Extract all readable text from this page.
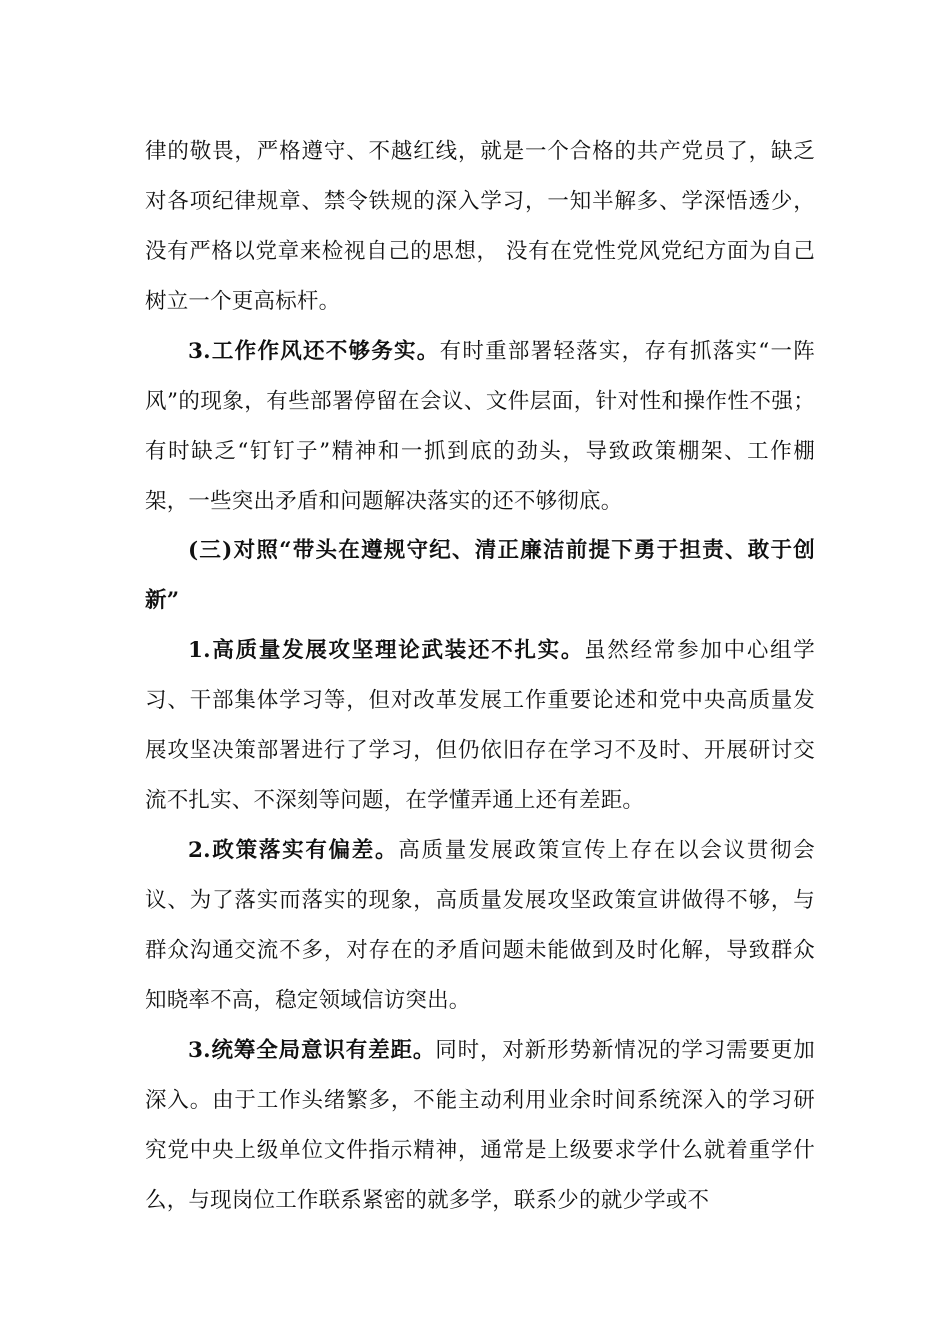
律的敬畏，严格遵守、不越红线，就是一个合格的共产党员了，缺乏对各项纪律规章、禁令铁规的深入学习，一知半解多、学深悟透少，没有严格以党章来检视自己的思想， 没有在党性党风党纪方面为自己树立一个更高标杆。

3.工作作风还不够务实。有时重部署轻落实，存有抓落实“一阵风”的现象，有些部署停留在会议、文件层面，针对性和操作性不强；有时缺乏“钉钉子”精神和一抓到底的劲头，导致政策棚架、工作棚架，一些突出矛盾和问题解决落实的还不够彻底。

(三)对照“带头在遵规守纪、清正廉洁前提下勇于担责、敢于创新”

1.高质量发展攻坚理论武装还不扎实。虽然经常参加中心组学习、干部集体学习等，但对改革发展工作重要论述和党中央高质量发展攻坚决策部署进行了学习，但仍依旧存在学习不及时、开展研讨交流不扎实、不深刻等问题，在学懂弄通上还有差距。

2.政策落实有偏差。高质量发展政策宣传上存在以会议贯彻会议、为了落实而落实的现象，高质量发展攻坚政策宣讲做得不够，与群众沟通交流不多，对存在的矛盾问题未能做到及时化解，导致群众知晓率不高，稳定领域信访突出。

3.统筹全局意识有差距。同时，对新形势新情况的学习需要更加深入。由于工作头绪繁多，不能主动利用业余时间系统深入的学习研究党中央上级单位文件指示精神，通常是上级要求学什么就着重学什么，与现岗位工作联系紧密的就多学，联系少的就少学或不
